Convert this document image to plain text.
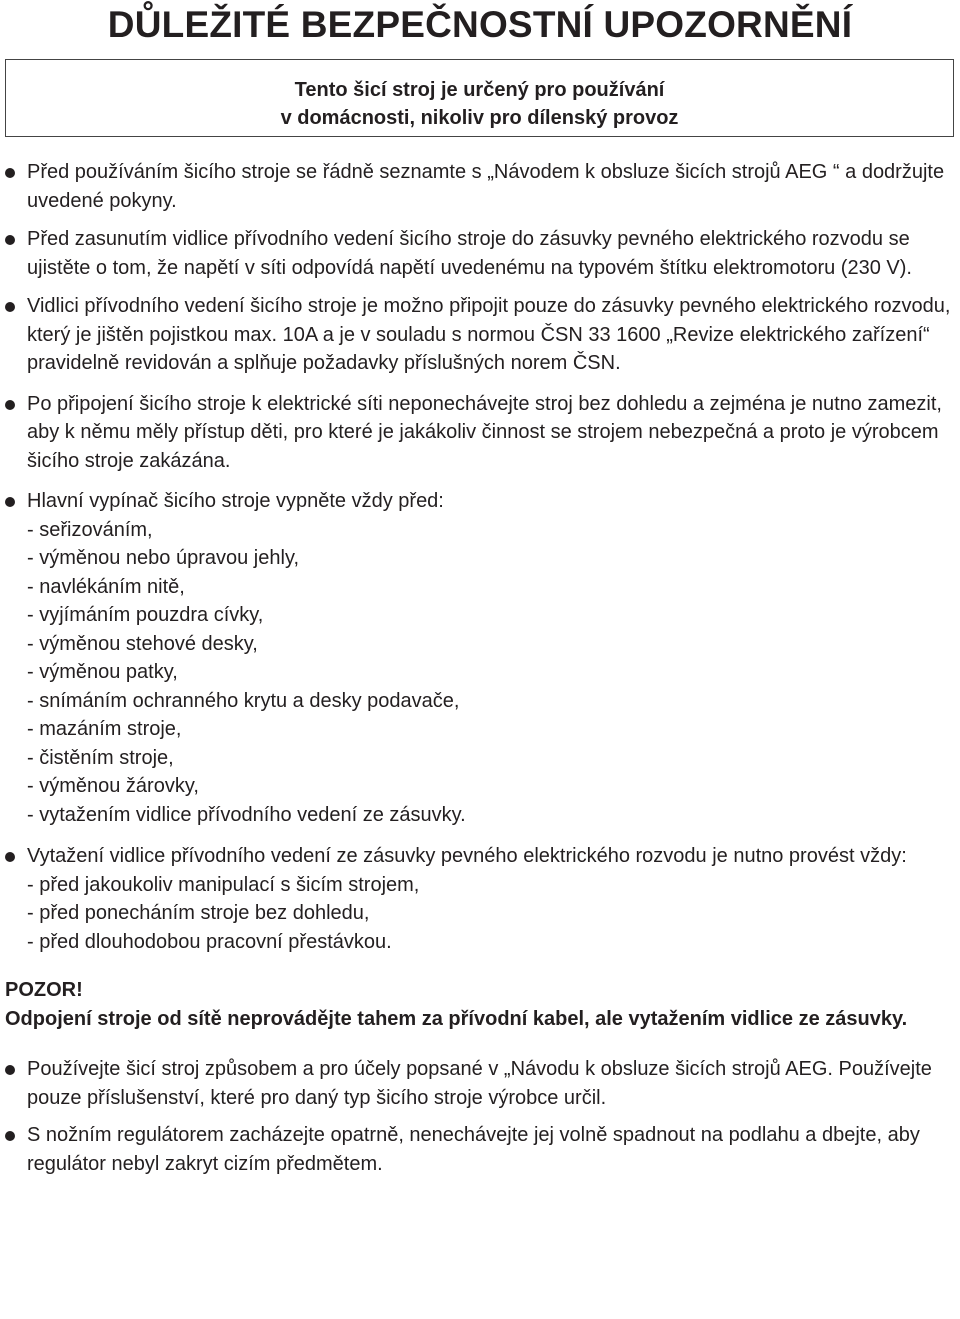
DŮLEŽITÉ BEZPEČNOSTNÍ UPOZORNĚNÍ
Tento šicí stroj je určený pro používání
v domácnosti, nikoliv pro dílenský provoz

Před používáním šicího stroje se řádně seznamte s „Návodem k obsluze šicích strojů AEG “ a dodržujte uvedené pokyny.

Před zasunutím vidlice přívodního vedení šicího stroje do zásuvky pevného elektrického rozvodu se ujistěte o tom, že napětí v síti odpovídá napětí uvedenému na typovém štítku elektromotoru (230 V).

Vidlici přívodního vedení šicího stroje je možno připojit pouze do zásuvky pevného elektrického rozvodu, který je jištěn pojistkou max. 10A a je v souladu s normou ČSN 33 1600 „Revize elektrického zařízení“ pravidelně revidován a splňuje požadavky příslušných norem ČSN.

Po připojení šicího stroje k elektrické síti neponechávejte stroj bez dohledu a zejména je nutno zamezit, aby k němu měly přístup děti, pro které je jakákoliv činnost se strojem nebezpečná a proto je výrobcem šicího stroje zakázána.

Hlavní vypínač šicího stroje vypněte vždy před:

- seřizováním,
- výměnou nebo úpravou jehly,
- navlékáním nitě,
- vyjímáním pouzdra cívky,
- výměnou stehové desky,
- výměnou patky,
- snímáním ochranného krytu a desky podavače,
- mazáním stroje,
- čistěním stroje,
- výměnou žárovky,
- vytažením vidlice přívodního vedení ze zásuvky.

Vytažení vidlice přívodního vedení ze zásuvky pevného elektrického rozvodu je nutno provést vždy:

- před jakoukoliv manipulací s šicím strojem,
- před ponecháním stroje bez dohledu,
- před dlouhodobou pracovní přestávkou.
POZOR!
Odpojení stroje od sítě neprovádějte tahem za přívodní kabel, ale vytažením vidlice ze zásuvky.

Používejte šicí stroj způsobem a pro účely popsané v „Návodu k obsluze šicích strojů AEG. Používejte pouze příslušenství, které pro daný typ šicího stroje výrobce určil.

S nožním regulátorem zacházejte opatrně, nenechávejte jej volně spadnout na podlahu a dbejte, aby regulátor nebyl zakryt cizím předmětem.
